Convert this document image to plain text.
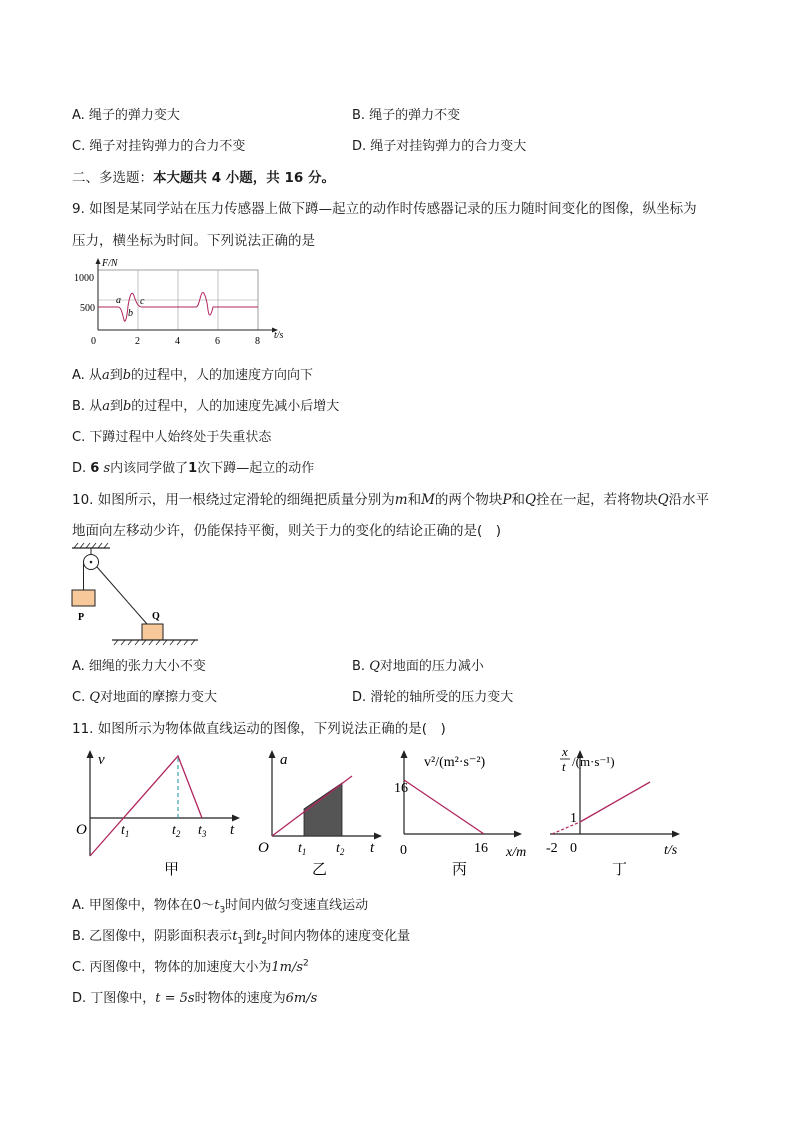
A. 绳子的弹力变大	B. 绳子的弹力不变
C. 绳子对挂钩弹力的合力不变	D. 绳子对挂钩弹力的合力变大
二、多选题：本大题共 4 小题，共 16 分。
9. 如图是某同学站在压力传感器上做下蹲—起立的动作时传感器记录的压力随时间变化的图像，纵坐标为
压力，横坐标为时间。下列说法正确的是
F/N
1000
500
0	2	4	6	8
t/s
a
b
c
A. 从a到b的过程中，人的加速度方向向下
B. 从a到b的过程中，人的加速度先减小后增大
C. 下蹲过程中人始终处于失重状态
D. 6 s内该同学做了1次下蹲—起立的动作
10. 如图所示，用一根绕过定滑轮的细绳把质量分别为m和M的两个物块P和Q拴在一起，若将物块Q沿水平
地面向左移动少许，仍能保持平衡，则关于力的变化的结论正确的是(　)
P	Q
A. 细绳的张力大小不变	B. Q对地面的压力减小
C. Q对地面的摩擦力变大	D. 滑轮的轴所受的压力变大
11. 如图所示为物体做直线运动的图像，下列说法正确的是(　)
v
O $t_1$	$t_2$ $t_3$ t
甲
a
O $t_1$ $t_2$ t
乙
v²/(m²·s⁻²)
16
0	16 x/m
丙
x
t /(m·s⁻¹)
1
-2 0	t/s
丁
A. 甲图像中，物体在$0\sim t_3$时间内做匀变速直线运动
B. 乙图像中，阴影面积表示$t_1$到$t_2$时间内物体的速度变化量
C. 丙图像中，物体的加速度大小为$1m/s^2$
D. 丁图像中，t = 5s时物体的速度为6m/s
